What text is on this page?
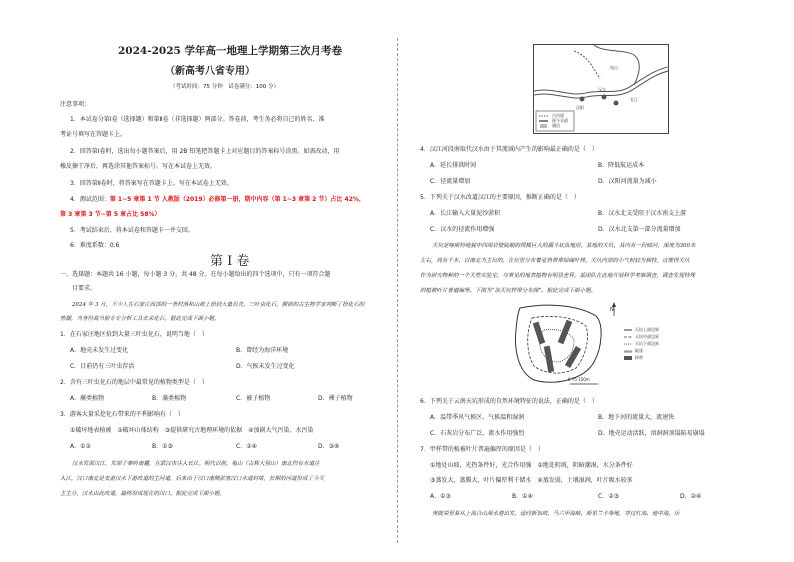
2024-2025 学年高一地理上学期第三次月考卷
（新高考八省专用）
（考试时间：75 分钟　试卷满分：100 分）
注意事项：
1．本试卷分第Ⅰ卷（选择题）和第Ⅱ卷（非选择题）两部分。答卷前，考生务必将自己的姓名、准
考证号填写在答题卡上。
2．回答第Ⅰ卷时，选出每小题答案后，用 2B 铅笔把答题卡上对应题目的答案标号涂黑。如需改动，用
橡皮擦干净后，再选涂其他答案标号。写在本试卷上无效。
3．回答第Ⅱ卷时，将答案写在答题卡上。写在本试卷上无效。
4．测试范围：第 1~5 章第 1 节 人教版（2019）必修第一册，期中内容（第 1~3 章第 2 节）占比 42%，
第 3 章第 3 节~第 5 章占比 58%）
5．考试结束后，将本试卷和答题卡一并交回。
6．难度系数：0.6
第 Ⅰ 卷
一、选择题：本题共 16 小题，每小题 3 分，共 48 分。在每小题给出的四个选项中，只有一项符合题
目要求。
2024 年 3 月，不少人在石家庄西部的一条村落和山坡上拾到大量贝壳。三叶虫化石，额前的古生物学家判断了拾化石的
热潮，当身份高当前专专分析工具去采化石。据此完成下面小题。
1．在石家庄地区拾到大量三叶虫化石，说明当地（　）
A．地壳未发生过变化	B．曾经为海洋环境
C．目前仍有三叶虫存活	D．气候未发生过变化
2．含有三叶虫化石的地层中最常见的植物类型是（　）
A．蕨类植物	B．藻类植物	C．被子植物	D．裸子植物
3．游客大量采挖化石带来的不利影响有（　）
①破坏地表植被　②破坏山体结构　③提供研究古地理环境的依据　④加剧大气污染、水污染
A．①②	B．①③	C．②④	D．③④
汉水发源汉江，发源于秦岭南麓，在武汉市注入长江。明代以前，龟山（古称大别山）南北均有水道注
入江，汉口南北是支游汉水下游改道的主河道，后来由于汉口南侧淤塞汉口水道封堵，长期的河道形成了今天
主主分，汉水由此改道，最终形成现在的汉口。据此完成下面小题。
龟山
汉阳
汉水
长江
古河道
现今水道
湖泊
4．汉江河段南取代汉水由于其流域内产生的影响最正确的是（　）
A．延长排洪时间	B．降低航运成本
C．径流量增加	D．汉阳河流量为减小
5．下列关于汉水改道汉江的主要原因，推断正确的是（　）
A．长江输入大量泥沙淤积	B．汉水北支受阻于汉水南支上游
C．汉水的径流作用增强	D．汉水北支第一部分流量增加
天坑是喀斯特地貌中四周岩壁陡峭的规模巨大的漏斗状负地形。某地的天坑，其内有一段暗河，深度为300米
左右，周有千米，以南北为主坑的，在坑里分布着亚热带常绿阔叶林，天坑内部的小气候较为独特，这使得天坑
作为研究物种的一个天然实验室，与常见的地表植物有明显差异。某团队在此地开展科学考察调查，调查发现特殊
的植被叶片普遍偏厚。下图为“该天坑样带分布图”。据此完成下面小题。
N
0 75 150m
天坑上部边界
天坑中部边界
天坑下部边界
陡崖
样带
6．下列关于云南天坑形成的自然环境特征的说法，正确的是（　）
A．温带季风气候区，气候温和湿润	B．地下河的流量大，流速快
C．石灰岩分布广泛，流水作用强烈	D．地壳运动活跃，溶洞洞顶塌陷易崩塌
7．甲样带的植被叶片普遍偏厚的原因是（　）
①地处山坡，光热条件好，光合作用强　②地处阴坡，阴暗潮湿，水分条件好
③蒸发大，蒸腾大，叶片偏厚利于储水　④蒸发弱，土壤湿润，叶片吸水较多
A．①③	B．①④	C．②③	D．②④
奥就荣贸易从上海合山深水港出发，途经新加坡、马六甲海峡、斯里兰卡等地，穿过红海、地中海，历
